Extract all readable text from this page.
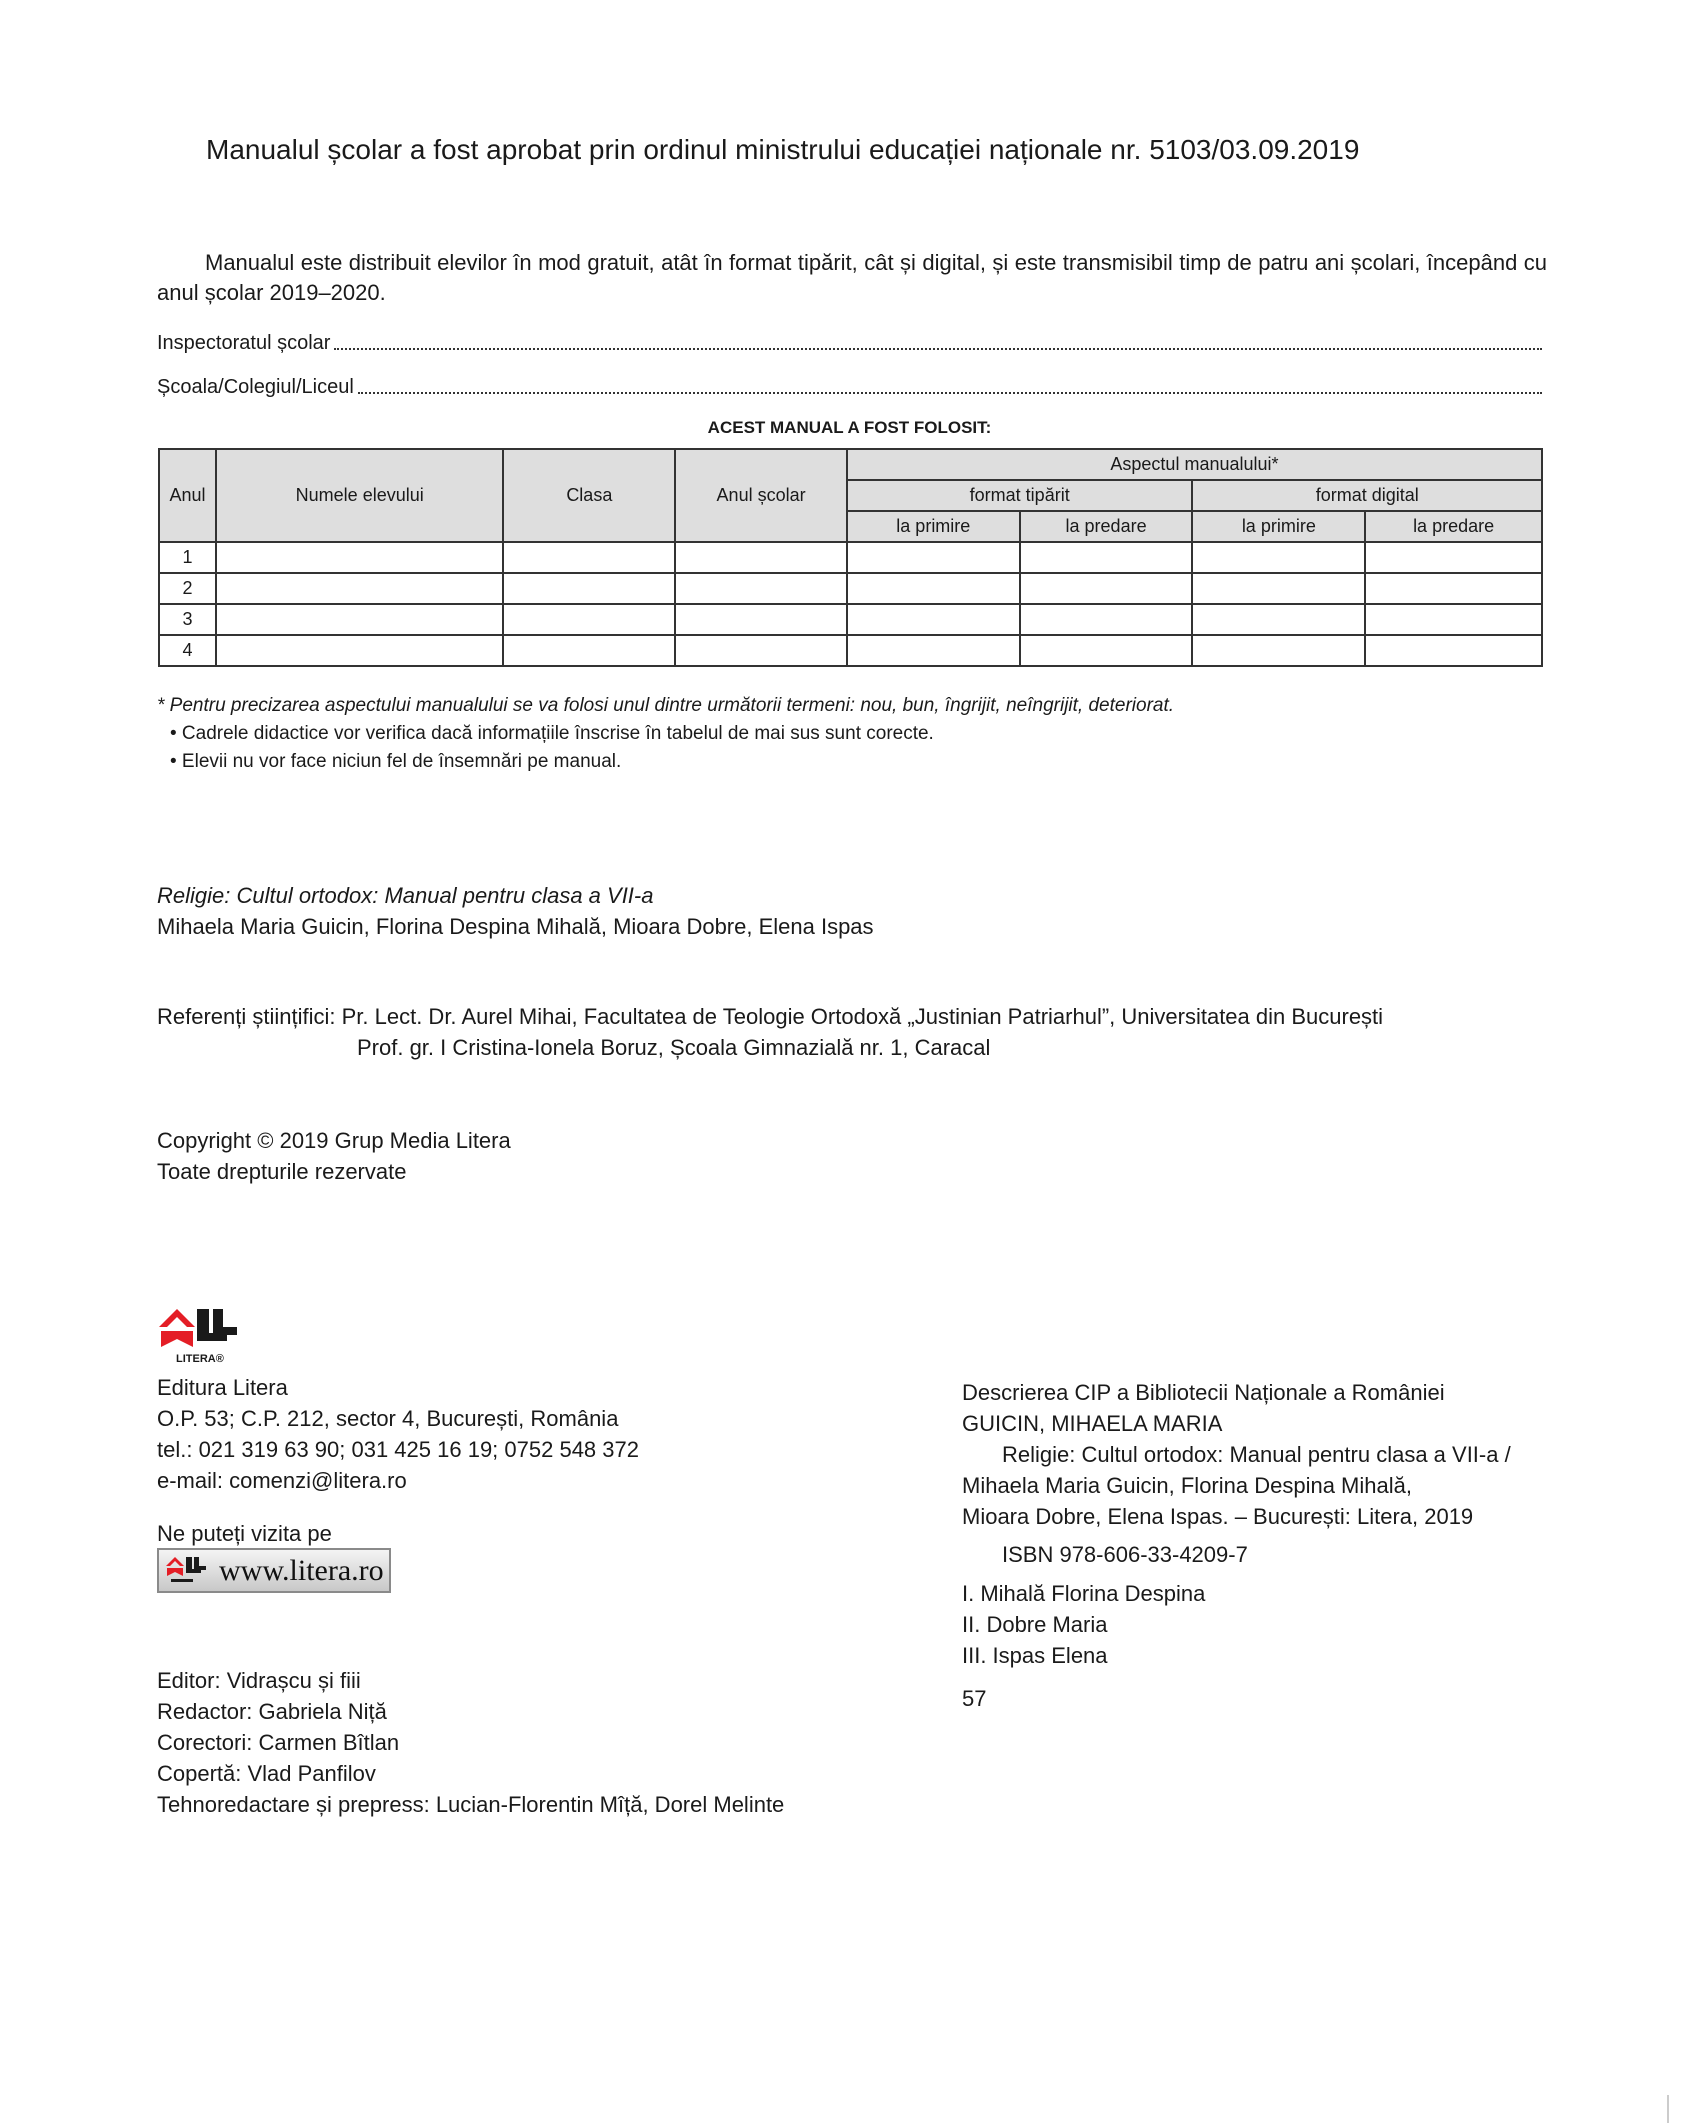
Manualul școlar a fost aprobat prin ordinul ministrului educației naționale nr. 5103/03.09.2019
Manualul este distribuit elevilor în mod gratuit, atât în format tipărit, cât și digital, și este transmisibil timp de patru ani școlari, începând cu anul școlar 2019–2020.
Inspectoratul școlar
Școala/Colegiul/Liceul
ACEST MANUAL A FOST FOLOSIT:
Anul	Numele elevului	Clasa	Anul școlar	Aspectul manualului*			
				format tipărit		format digital	
				la primire	la predare	la primire	la predare
1							
2							
3							
4							
* Pentru precizarea aspectului manualului se va folosi unul dintre următorii termeni: nou, bun, îngrijit, neîngrijit, deteriorat.
• Cadrele didactice vor verifica dacă informațiile înscrise în tabelul de mai sus sunt corecte.
• Elevii nu vor face niciun fel de însemnări pe manual.
Religie: Cultul ortodox: Manual pentru clasa a VII-a
Mihaela Maria Guicin, Florina Despina Mihală, Mioara Dobre, Elena Ispas
Referenți științifici: Pr. Lect. Dr. Aurel Mihai, Facultatea de Teologie Ortodoxă „Justinian Patriarhul”, Universitatea din București
Prof. gr. I Cristina-Ionela Boruz, Școala Gimnazială nr. 1, Caracal
Copyright © 2019 Grup Media Litera
Toate drepturile rezervate
LITERA®
Editura Litera
O.P. 53; C.P. 212, sector 4, București, România
tel.: 021 319 63 90; 031 425 16 19; 0752 548 372
e-mail: comenzi@litera.ro
Ne puteți vizita pe
www.litera.ro
Editor: Vidrașcu și fiii
Redactor: Gabriela Niță
Corectori: Carmen Bîtlan
Copertă: Vlad Panfilov
Tehnoredactare și prepress: Lucian-Florentin Mîță, Dorel Melinte
Descrierea CIP a Bibliotecii Naționale a României
GUICIN, MIHAELA MARIA
Religie: Cultul ortodox: Manual pentru clasa a VII-a /
Mihaela Maria Guicin, Florina Despina Mihală,
Mioara Dobre, Elena Ispas. – București: Litera, 2019
ISBN 978-606-33-4209-7
I. Mihală Florina Despina
II. Dobre Maria
III. Ispas Elena
57
